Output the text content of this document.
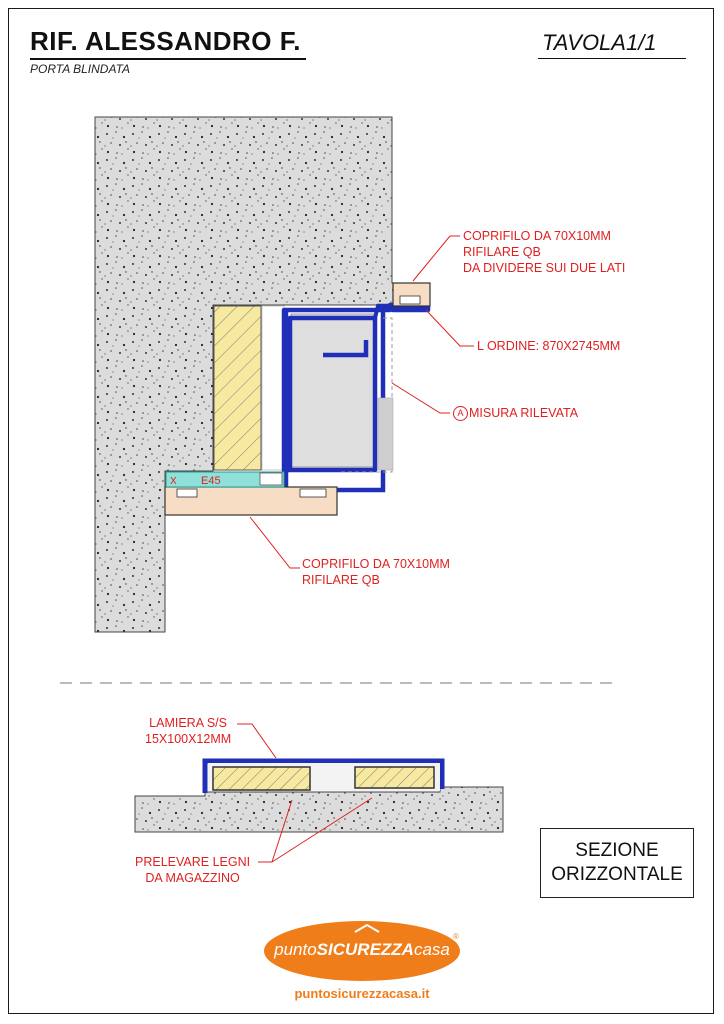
RIF. ALESSANDRO F.
PORTA BLINDATA
TAVOLA1/1
X E45
COPRIFILO DA 70X10MM
RIFILARE QB
DA DIVIDERE SUI DUE LATI
L ORDINE: 870X2745MM
A MISURA RILEVATA
COPRIFILO DA 70X10MM
RIFILARE QB
LAMIERA S/S
15X100X12MM
PRELEVARE LEGNI
DA MAGAZZINO
SEZIONE
ORIZZONTALE
puntoSICUREZZAcasa
®
puntosicurezzacasa.it
